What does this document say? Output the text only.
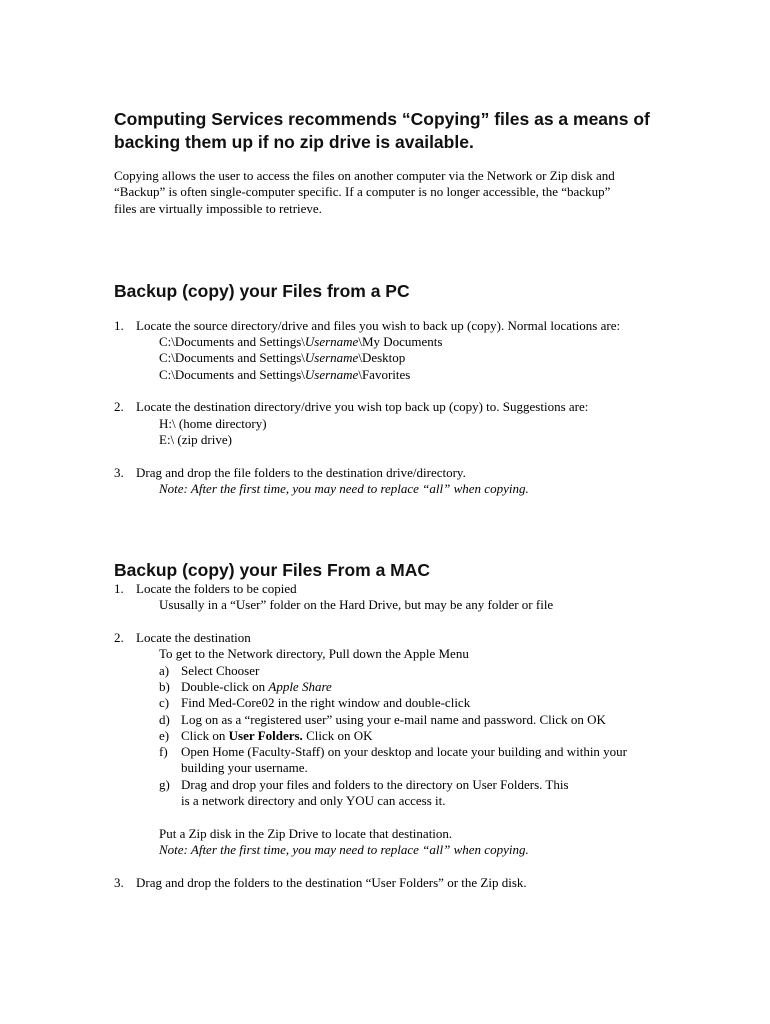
Computing Services recommends “Copying” files as a means of
backing them up if no zip drive is available.

Copying allows the user to access the files on another computer via the Network or Zip disk and

“Backup” is often single-computer specific. If a computer is no longer accessible, the “backup”

files are virtually impossible to retrieve.

Backup (copy) your Files from a PC
1. Locate the source directory/drive and files you wish to back up (copy). Normal locations are:

C:\Documents and Settings\Username\My Documents

C:\Documents and Settings\Username\Desktop

C:\Documents and Settings\Username\Favorites

2. Locate the destination directory/drive you wish top back up (copy) to. Suggestions are:

H:\ (home directory)

E:\ (zip drive)

3. Drag and drop the file folders to the destination drive/directory.

Note: After the first time, you may need to replace “all” when copying.

Backup (copy) your Files From a MAC
1. Locate the folders to be copied

Ususally in a “User” folder on the Hard Drive, but may be any folder or file

2. Locate the destination

To get to the Network directory, Pull down the Apple Menu

a) Select Chooser

b) Double-click on Apple Share

c) Find Med-Core02 in the right window and double-click

d) Log on as a “registered user” using your e-mail name and password. Click on OK

e) Click on User Folders. Click on OK

f) Open Home (Faculty-Staff) on your desktop and locate your building and within your

building your username.

g) Drag and drop your files and folders to the directory on User Folders. This

is a network directory and only YOU can access it.

Put a Zip disk in the Zip Drive to locate that destination.

Note: After the first time, you may need to replace “all” when copying.

3. Drag and drop the folders to the destination “User Folders” or the Zip disk.
